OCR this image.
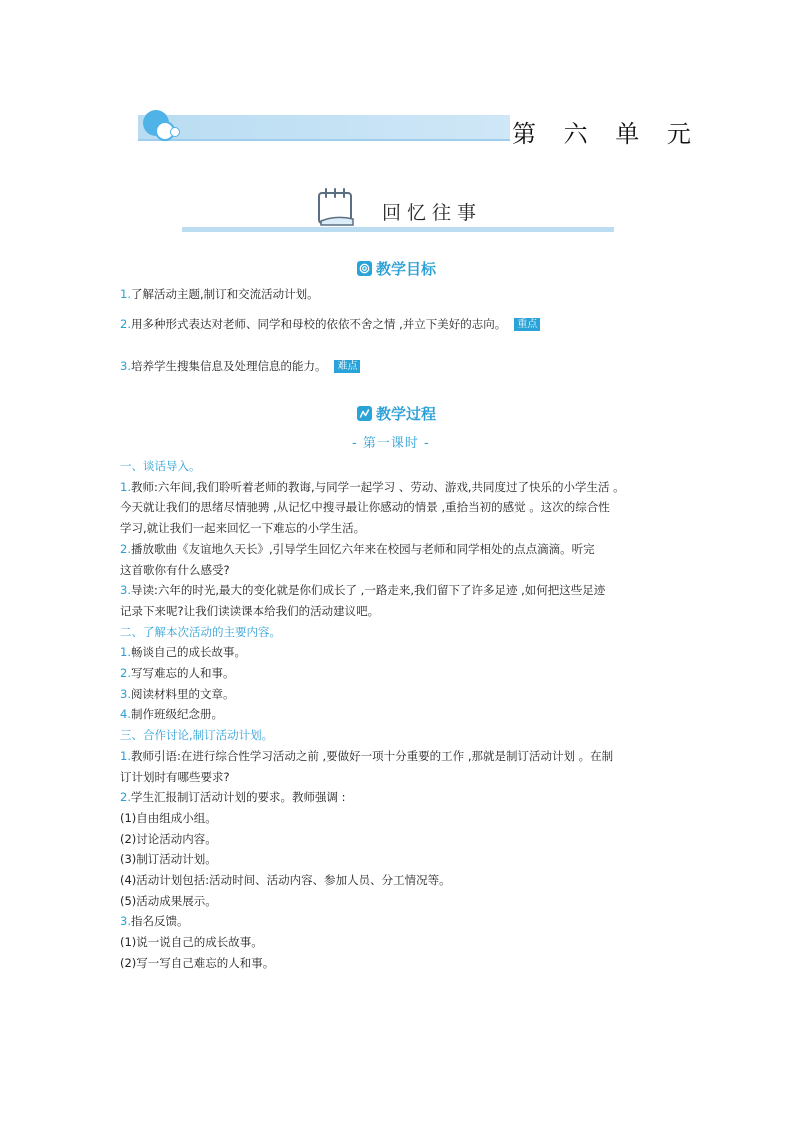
第 六 单 元
回忆往事
教学目标
1.了解活动主题,制订和交流活动计划。
2.用多种形式表达对老师、同学和母校的依依不舍之情 ,并立下美好的志向。 重点
3.培养学生搜集信息及处理信息的能力。 难点
教学过程
- 第一课时 -
一、谈话导入。
1.教师:六年间,我们聆听着老师的教诲,与同学一起学习 、劳动、游戏,共同度过了快乐的小学生活 。
今天就让我们的思绪尽情驰骋 ,从记忆中搜寻最让你感动的情景 ,重拾当初的感觉 。这次的综合性
学习,就让我们一起来回忆一下难忘的小学生活。
2.播放歌曲《友谊地久天长》,引导学生回忆六年来在校园与老师和同学相处的点点滴滴。听完
这首歌你有什么感受?
3.导读:六年的时光,最大的变化就是你们成长了 ,一路走来,我们留下了许多足迹 ,如何把这些足迹
记录下来呢?让我们读读课本给我们的活动建议吧。
二、了解本次活动的主要内容。
1.畅谈自己的成长故事。
2.写写难忘的人和事。
3.阅读材料里的文章。
4.制作班级纪念册。
三、合作讨论,制订活动计划。
1.教师引语:在进行综合性学习活动之前 ,要做好一项十分重要的工作 ,那就是制订活动计划 。在制
订计划时有哪些要求?
2.学生汇报制订活动计划的要求。教师强调 :
(1)自由组成小组。
(2)讨论活动内容。
(3)制订活动计划。
(4)活动计划包括:活动时间、活动内容、参加人员、分工情况等。
(5)活动成果展示。
3.指名反馈。
(1)说一说自己的成长故事。
(2)写一写自己难忘的人和事。
